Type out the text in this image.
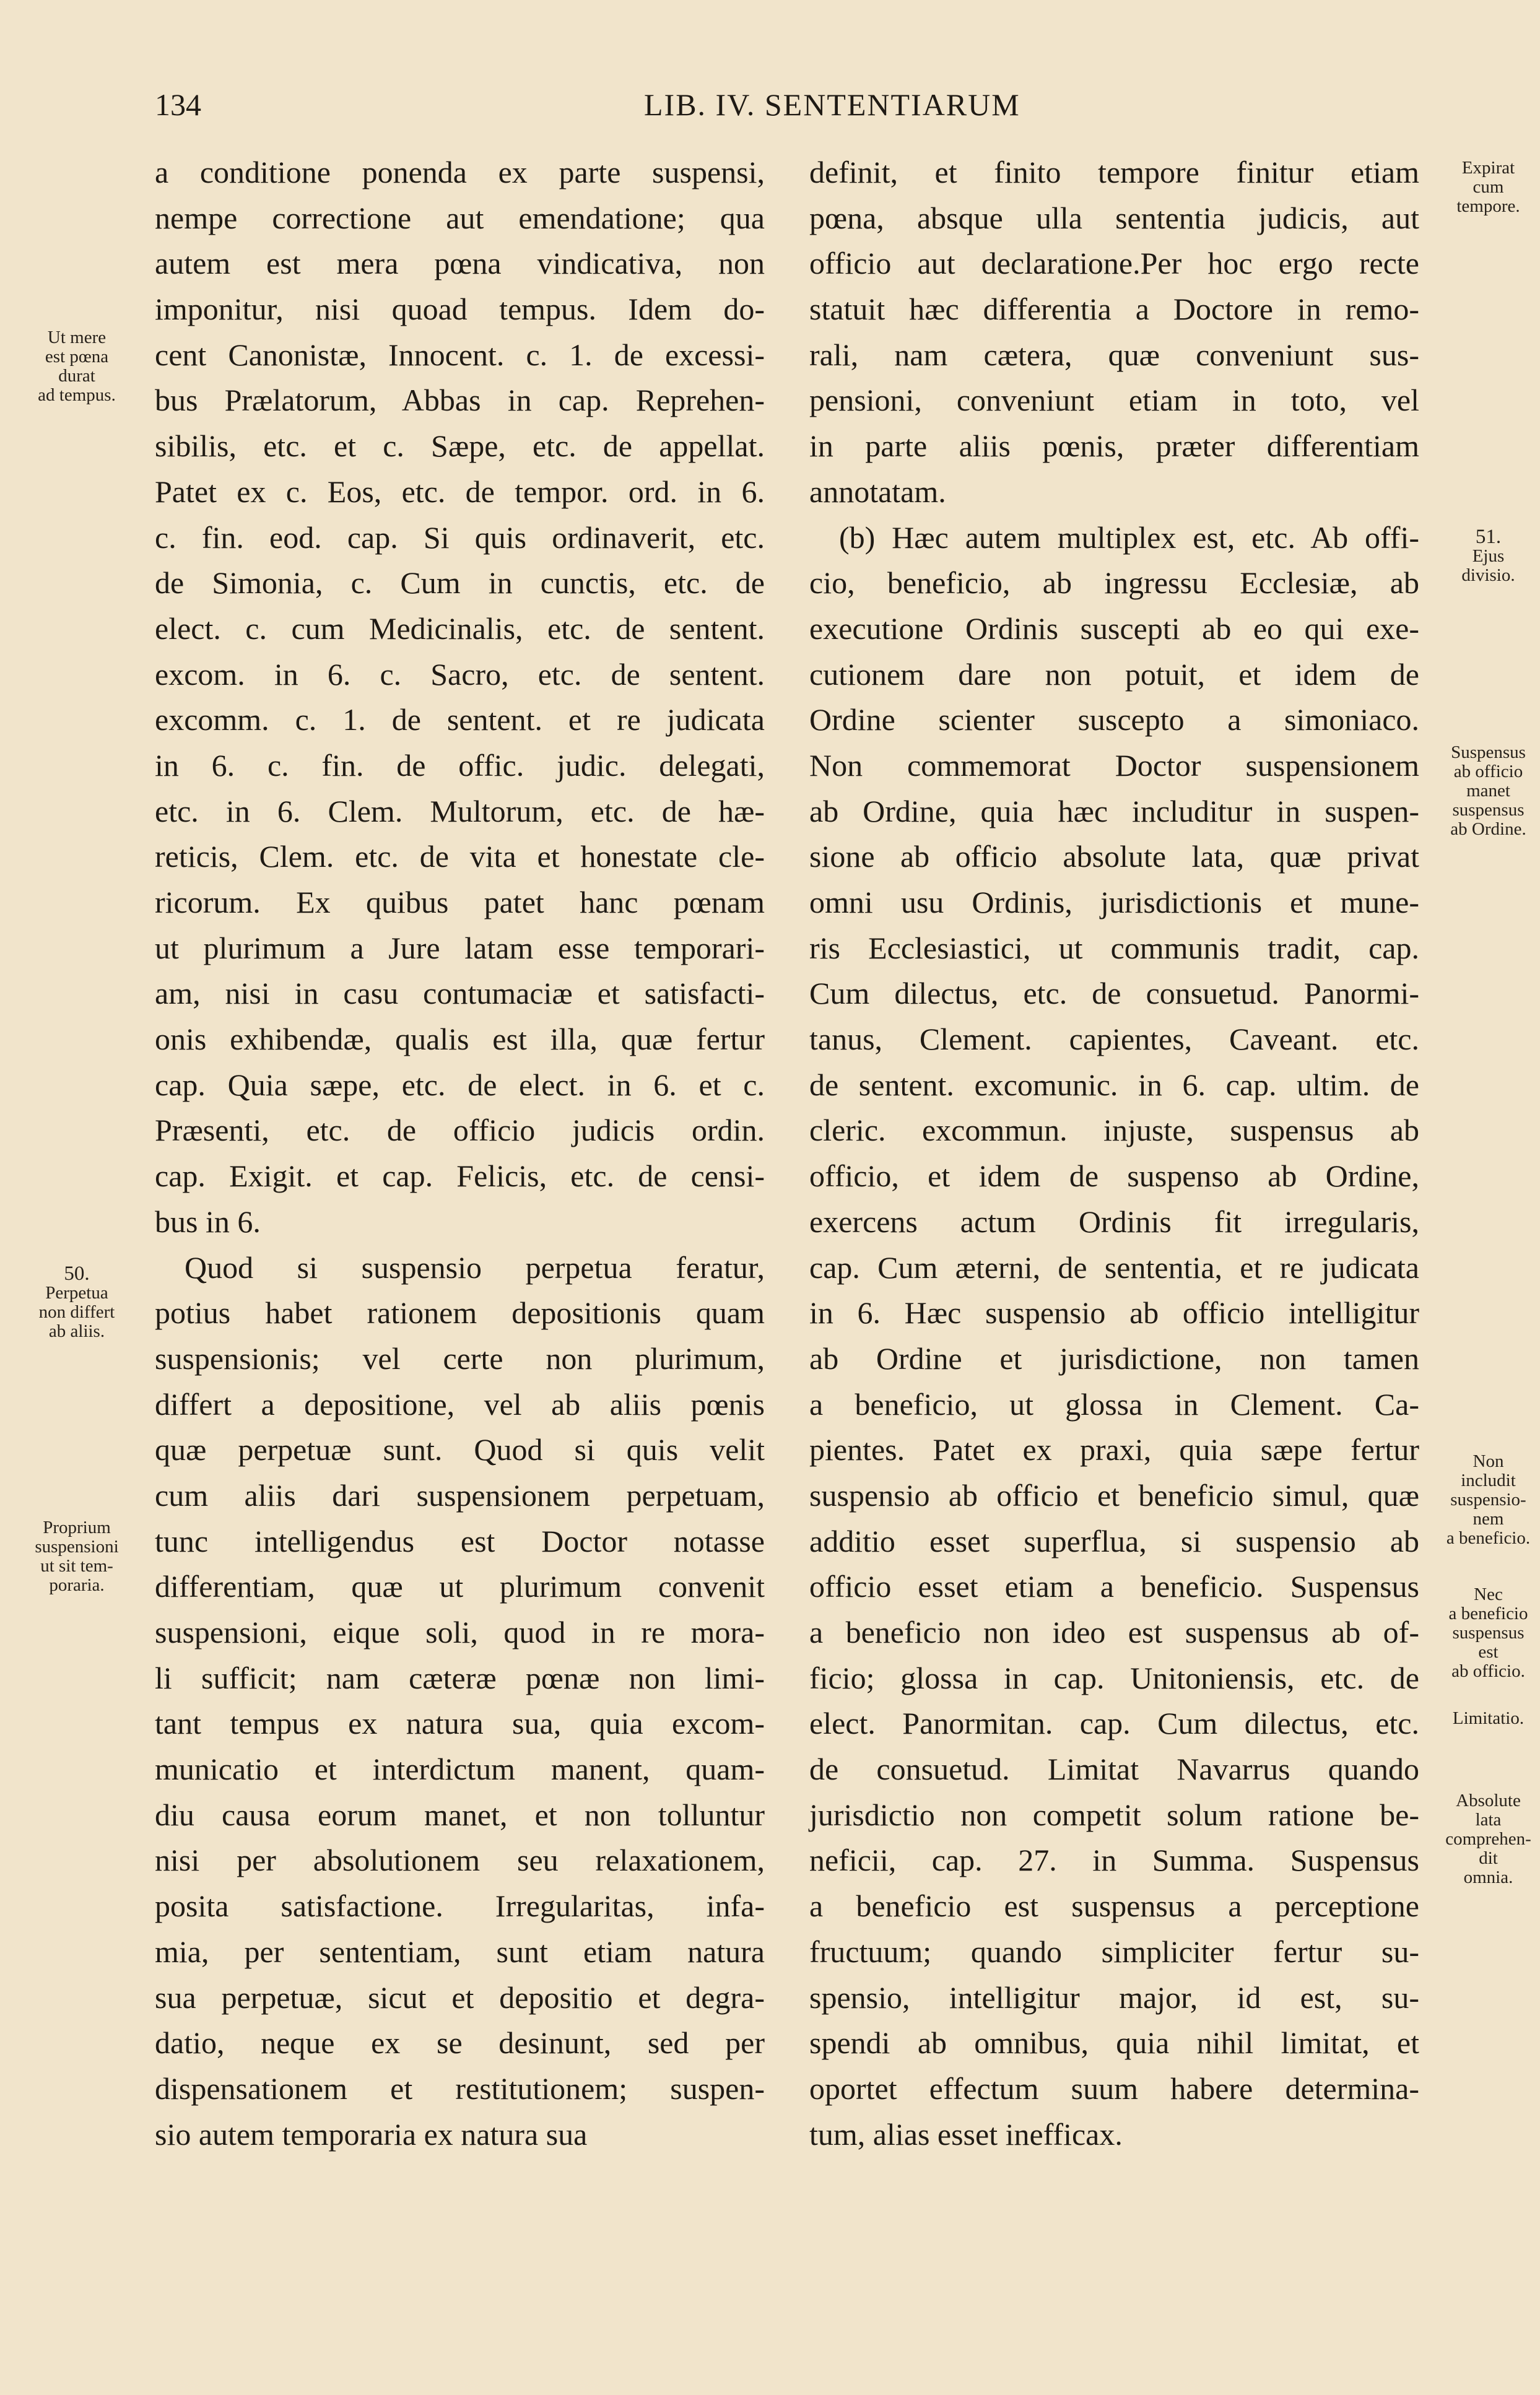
134	LIB. IV. SENTENTIARUM
a conditione ponenda ex parte suspensi,
nempe correctione aut emendatione; qua
autem est mera pœna vindicativa, non
imponitur, nisi quoad tempus. Idem do-
cent Canonistæ, Innocent. c. 1. de excessi-
bus Prælatorum, Abbas in cap. Reprehen-
sibilis, etc. et c. Sæpe, etc. de appellat.
Patet ex c. Eos, etc. de tempor. ord. in 6.
c. fin. eod. cap. Si quis ordinaverit, etc.
de Simonia, c. Cum in cunctis, etc. de
elect. c. cum Medicinalis, etc. de sentent.
excom. in 6. c. Sacro, etc. de sentent.
excomm. c. 1. de sentent. et re judicata
in 6. c. fin. de offic. judic. delegati,
etc. in 6. Clem. Multorum, etc. de hæ-
reticis, Clem. etc. de vita et honestate cle-
ricorum. Ex quibus patet hanc pœnam
ut plurimum a Jure latam esse temporari-
am, nisi in casu contumaciæ et satisfacti-
onis exhibendæ, qualis est illa, quæ fertur
cap. Quia sæpe, etc. de elect. in 6. et c.
Præsenti, etc. de officio judicis ordin.
cap. Exigit. et cap. Felicis, etc. de censi-
bus in 6.
Quod si suspensio perpetua feratur,
potius habet rationem depositionis quam
suspensionis; vel certe non plurimum,
differt a depositione, vel ab aliis pœnis
quæ perpetuæ sunt. Quod si quis velit
cum aliis dari suspensionem perpetuam,
tunc intelligendus est Doctor notasse
differentiam, quæ ut plurimum convenit
suspensioni, eique soli, quod in re mora-
li sufficit; nam cæteræ pœnæ non limi-
tant tempus ex natura sua, quia excom-
municatio et interdictum manent, quam-
diu causa eorum manet, et non tolluntur
nisi per absolutionem seu relaxationem,
posita satisfactione. Irregularitas, infa-
mia, per sententiam, sunt etiam natura
sua perpetuæ, sicut et depositio et degra-
datio, neque ex se desinunt, sed per
dispensationem et restitutionem; suspen-
sio autem temporaria ex natura sua
definit, et finito tempore finitur etiam
pœna, absque ulla sententia judicis, aut
officio aut declaratione.Per hoc ergo recte
statuit hæc differentia a Doctore in remo-
rali, nam cætera, quæ conveniunt sus-
pensioni, conveniunt etiam in toto, vel
in parte aliis pœnis, præter differentiam
annotatam.
(b) Hæc autem multiplex est, etc. Ab offi-
cio, beneficio, ab ingressu Ecclesiæ, ab
executione Ordinis suscepti ab eo qui exe-
cutionem dare non potuit, et idem de
Ordine scienter suscepto a simoniaco.
Non commemorat Doctor suspensionem
ab Ordine, quia hæc includitur in suspen-
sione ab officio absolute lata, quæ privat
omni usu Ordinis, jurisdictionis et mune-
ris Ecclesiastici, ut communis tradit, cap.
Cum dilectus, etc. de consuetud. Panormi-
tanus, Clement. capientes, Caveant. etc.
de sentent. excomunic. in 6. cap. ultim. de
cleric. excommun. injuste, suspensus ab
officio, et idem de suspenso ab Ordine,
exercens actum Ordinis fit irregularis,
cap. Cum æterni, de sententia, et re judicata
in 6. Hæc suspensio ab officio intelligitur
ab Ordine et jurisdictione, non tamen
a beneficio, ut glossa in Clement. Ca-
pientes. Patet ex praxi, quia sæpe fertur
suspensio ab officio et beneficio simul, quæ
additio esset superflua, si suspensio ab
officio esset etiam a beneficio. Suspensus
a beneficio non ideo est suspensus ab of-
ficio; glossa in cap. Unitoniensis, etc. de
elect. Panormitan. cap. Cum dilectus, etc.
de consuetud. Limitat Navarrus quando
jurisdictio non competit solum ratione be-
neficii, cap. 27. in Summa. Suspensus
a beneficio est suspensus a perceptione
fructuum; quando simpliciter fertur su-
spensio, intelligitur major, id est, su-
spendi ab omnibus, quia nihil limitat, et
oportet effectum suum habere determina-
tum, alias esset inefficax.
Ut mere
est pœna
durat
ad tempus.
50.
Perpetua
non differt
ab aliis.
Proprium
suspensioni
ut sit tem-
poraria.
Expirat
cum
tempore.
51.
Ejus
divisio.
Suspensus
ab officio
manet
suspensus
ab Ordine.
Non
includit
suspensio-
nem
a beneficio.
Nec
a beneficio
suspensus
est
ab officio.
Limitatio.
Absolute
lata
comprehen-
dit
omnia.
